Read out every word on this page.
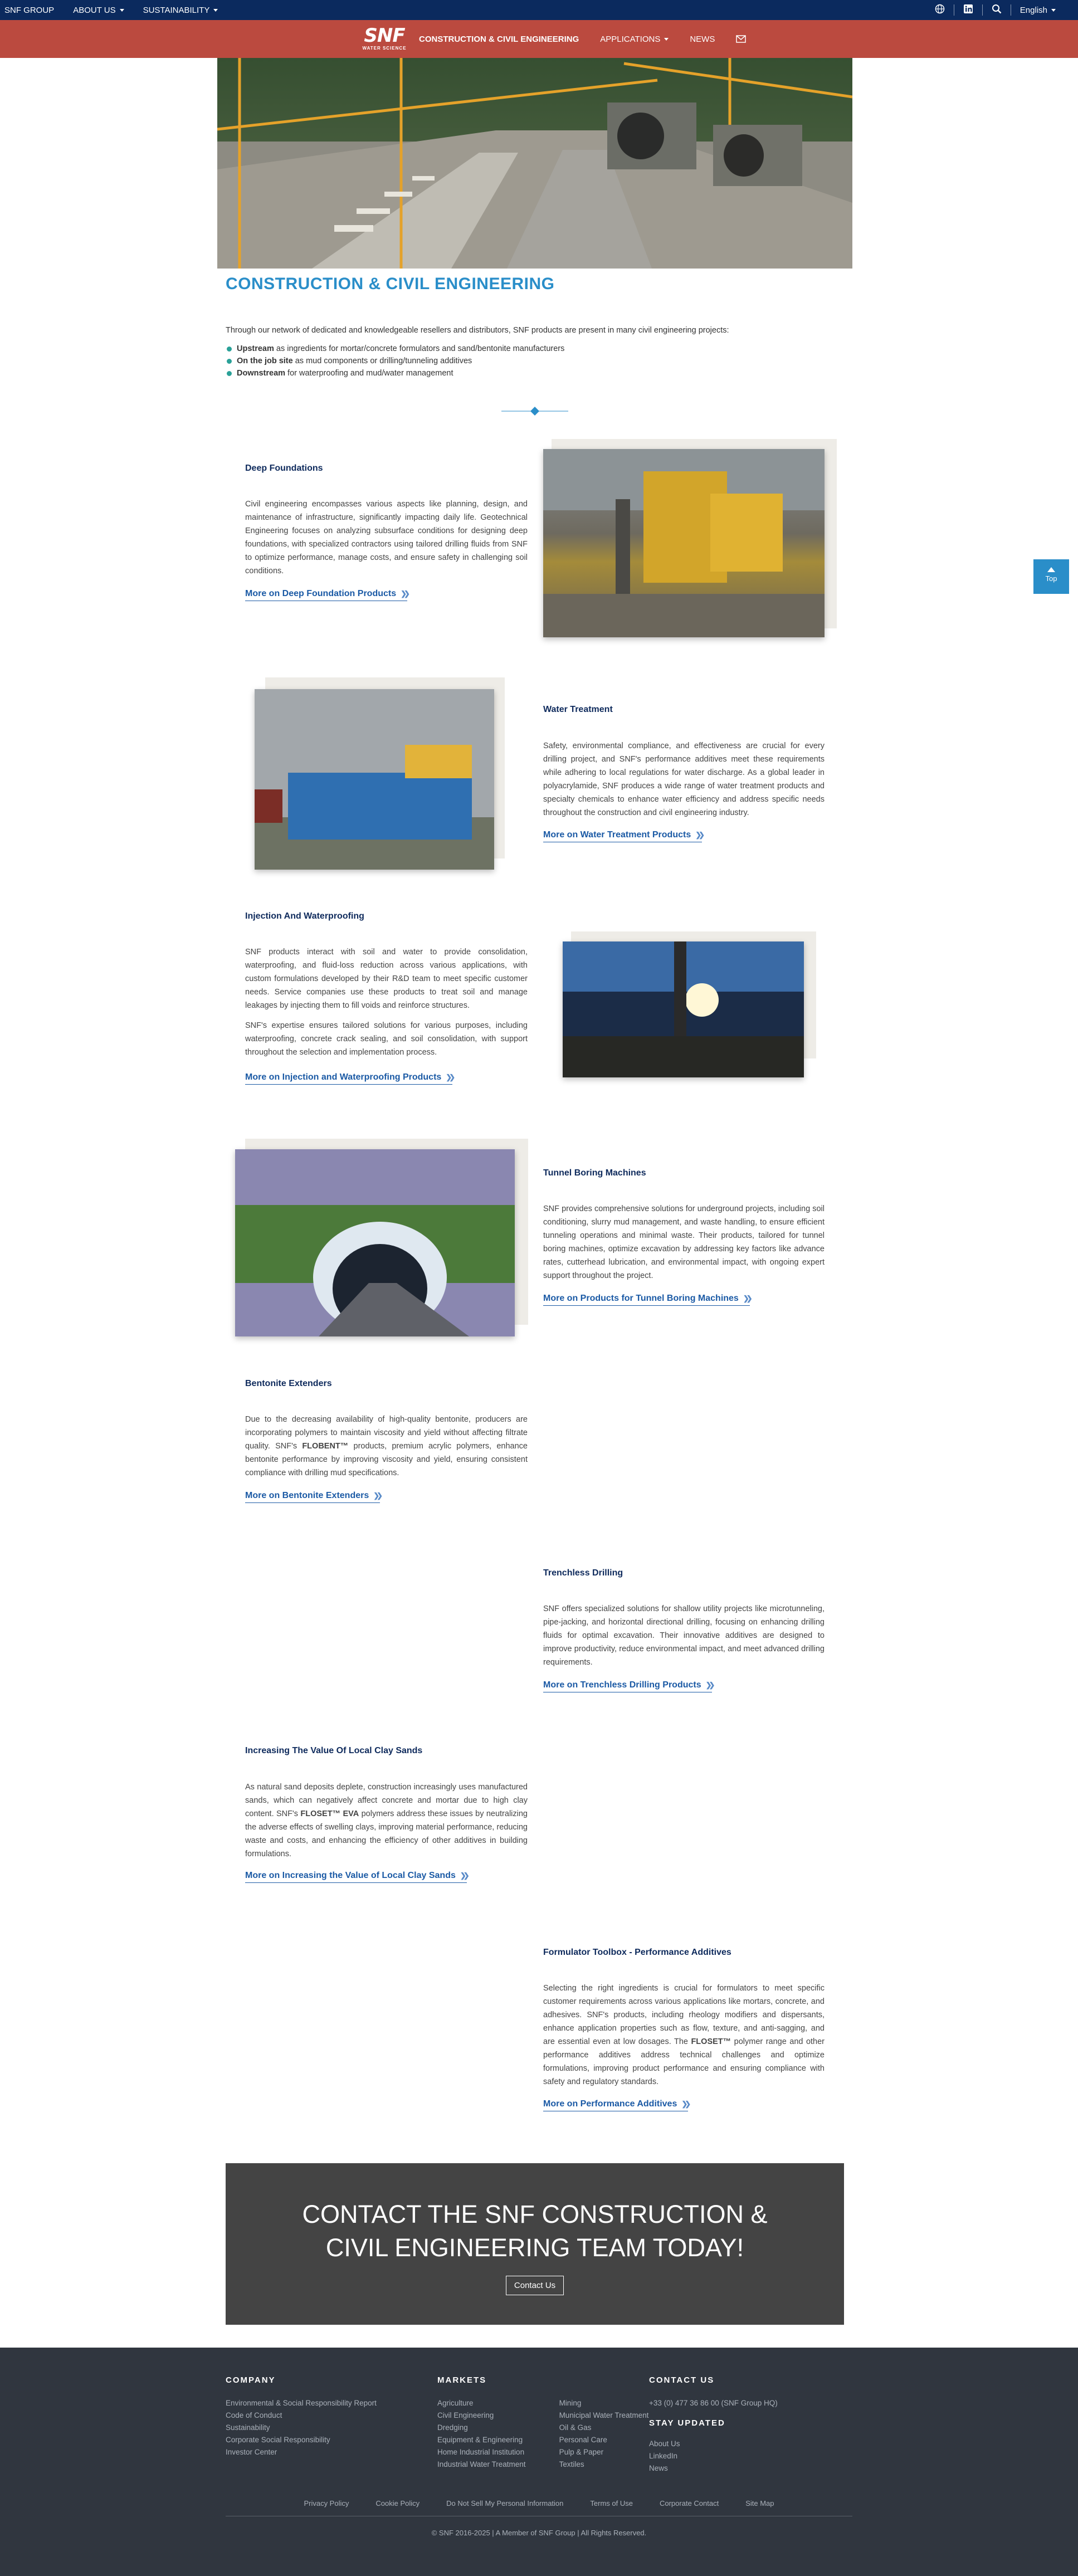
SNF GROUP ABOUT US	SUSTAINABILITY	English
SNF
WATER SCIENCE
CONSTRUCTION & CIVIL ENGINEERING	APPLICATIONS	NEWS
CONSTRUCTION & CIVIL ENGINEERING

Through our network of dedicated and knowledgeable resellers and distributors, SNF products are present in many civil engineering projects:

Upstream as ingredients for mortar/concrete formulators and sand/bentonite manufacturers
On the job site as mud components or drilling/tunneling additives
Downstream for waterproofing and mud/water management
Deep Foundations

Civil engineering encompasses various aspects like planning, design, and maintenance of infrastructure, significantly impacting daily life. Geotechnical Engineering focuses on analyzing subsurface conditions for designing deep foundations, with specialized contractors using tailored drilling fluids from SNF to optimize performance, manage costs, and ensure safety in challenging soil conditions.

More on Deep Foundation Products ❯❯
Water Treatment

Safety, environmental compliance, and effectiveness are crucial for every drilling project, and SNF's performance additives meet these requirements while adhering to local regulations for water discharge. As a global leader in polyacrylamide, SNF produces a wide range of water treatment products and specialty chemicals to enhance water efficiency and address specific needs throughout the construction and civil engineering industry.

More on Water Treatment Products ❯❯
Injection And Waterproofing

SNF products interact with soil and water to provide consolidation, waterproofing, and fluid-loss reduction across various applications, with custom formulations developed by their R&D team to meet specific customer needs. Service companies use these products to treat soil and manage leakages by injecting them to fill voids and reinforce structures.

SNF's expertise ensures tailored solutions for various purposes, including waterproofing, concrete crack sealing, and soil consolidation, with support throughout the selection and implementation process.

More on Injection and Waterproofing Products ❯❯
Tunnel Boring Machines

SNF provides comprehensive solutions for underground projects, including soil conditioning, slurry mud management, and waste handling, to ensure efficient tunneling operations and minimal waste. Their products, tailored for tunnel boring machines, optimize excavation by addressing key factors like advance rates, cutterhead lubrication, and environmental impact, with ongoing expert support throughout the project.

More on Products for Tunnel Boring Machines ❯❯
Bentonite Extenders

Due to the decreasing availability of high-quality bentonite, producers are incorporating polymers to maintain viscosity and yield without affecting filtrate quality. SNF's FLOBENT™ products, premium acrylic polymers, enhance bentonite performance by improving viscosity and yield, ensuring consistent compliance with drilling mud specifications.

More on Bentonite Extenders ❯❯
Trenchless Drilling

SNF offers specialized solutions for shallow utility projects like microtunneling, pipe-jacking, and horizontal directional drilling, focusing on enhancing drilling fluids for optimal excavation. Their innovative additives are designed to improve productivity, reduce environmental impact, and meet advanced drilling requirements.

More on Trenchless Drilling Products ❯❯
Increasing The Value Of Local Clay Sands

As natural sand deposits deplete, construction increasingly uses manufactured sands, which can negatively affect concrete and mortar due to high clay content. SNF's FLOSET™ EVA polymers address these issues by neutralizing the adverse effects of swelling clays, improving material performance, reducing waste and costs, and enhancing the efficiency of other additives in building formulations.

More on Increasing the Value of Local Clay Sands ❯❯
Formulator Toolbox - Performance Additives

Selecting the right ingredients is crucial for formulators to meet specific customer requirements across various applications like mortars, concrete, and adhesives. SNF's products, including rheology modifiers and dispersants, enhance application properties such as flow, texture, and anti-sagging, and are essential even at low dosages. The FLOSET™ polymer range and other performance additives address technical challenges and optimize formulations, improving product performance and ensuring compliance with safety and regulatory standards.

More on Performance Additives ❯❯
Top
CONTACT THE SNF CONSTRUCTION & CIVIL ENGINEERING TEAM TODAY!
Contact Us
COMPANY
Environmental & Social Responsibility Report
Code of Conduct
Sustainability
Corporate Social Responsibility
Investor Center
MARKETS
Agriculture
Civil Engineering
Dredging
Equipment & Engineering
Home Industrial Institution
Industrial Water Treatment
Mining
Municipal Water Treatment
Oil & Gas
Personal Care
Pulp & Paper
Textiles
CONTACT US
+33 (0) 477 36 86 00 (SNF Group HQ)
STAY UPDATED
About Us
LinkedIn
News
Privacy Policy	Cookie Policy	Do Not Sell My Personal Information	Terms of Use	Corporate Contact	Site Map
© SNF 2016-2025 | A Member of SNF Group | All Rights Reserved.
